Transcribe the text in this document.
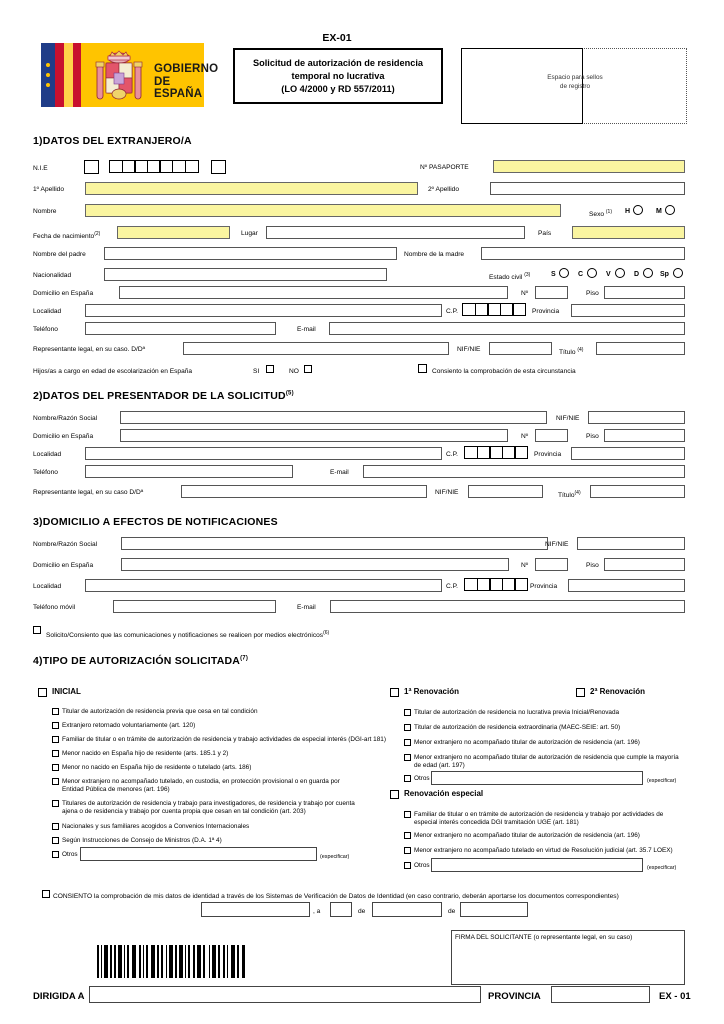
EX-01
GOBIERNO
DE ESPAÑA
Solicitud de autorización de residencia
temporal no lucrativa
(LO 4/2000 y RD 557/2011)
Espacio para sellos
de registro
1)DATOS DEL EXTRANJERO/A
N.I.E	Nº PASAPORTE
1º Apellido	2º Apellido
Nombre	Sexo $^{(1)}$ H	M
Fecha de nacimiento$^{(2)}$	Lugar	País
Nombre del padre	Nombre de la madre
Nacionalidad	Estado civil $^{(3)}$	S	C	V	D	Sp
Domicilio en España	Nº	Piso
Localidad	C.P.	Provincia
Teléfono	E-mail
Representante legal, en su caso. D/Dª	NIF/NIE	Título $^{(4)}$
Hijos/as a cargo en edad de escolarización en España	SI	NO	Consiento la comprobación de esta circunstancia
2)DATOS DEL PRESENTADOR DE LA SOLICITUD$^{(5)}$
Nombre/Razón Social	NIF/NIE
Domicilio en España	Nº	Piso
Localidad	C.P.	Provincia
Teléfono	E-mail
Representante legal, en su caso D/Dª	NIF/NIE	Título$^{(4)}$
3)DOMICILIO A EFECTOS DE NOTIFICACIONES
Nombre/Razón Social	NIF/NIE
Domicilio en España	Nº	Piso
Localidad	C.P.	Provincia
Teléfono móvil	E-mail
Solicito/Consiento que las comunicaciones y notificaciones se realicen por medios electrónicos$^{(6)}$
4)TIPO DE AUTORIZACIÓN SOLICITADA$^{(7)}$
INICIAL
Titular de autorización de residencia previa que cesa en tal condición
Extranjero retornado voluntariamente (art. 120)
Familiar de titular o en trámite de autorización de residencia y trabajo actividades de especial interés (DGI-art 181)
Menor nacido en España hijo de residente (arts. 185.1 y 2)
Menor no nacido en España hijo de residente o tutelado (arts. 186)
Menor extranjero no acompañado tutelado, en custodia, en protección provisional o en guarda por Entidad Pública de menores (art. 196)
Titulares de autorización de residencia y trabajo para investigadores, de residencia y trabajo por cuenta ajena o de residencia y trabajo por cuenta propia que cesan en tal condición (art. 203)
Nacionales y sus familiares acogidos a Convenios Internacionales
Según Instrucciones de Consejo de Ministros (D.A. 1ª 4)
Otros	(especificar)
1ª Renovación	2ª Renovación
Titular de autorización de residencia no lucrativa previa Inicial/Renovada
Titular de autorización de residencia extraordinaria (MAEC-SEIE: art. 50)
Menor extranjero no acompañado titular de autorización de residencia (art. 196)
Menor extranjero no acompañado titular de autorización de residencia que cumple la mayoría de edad (art. 197)
Otros	(especificar)
Renovación especial
Familiar de titular o en trámite de autorización de residencia y trabajo por actividades de especial interés concedida DGI tramitación UGE (art. 181)
Menor extranjero no acompañado titular de autorización de residencia (art. 196)
Menor extranjero no acompañado tutelado en virtud de Resolución judicial (art. 35.7 LOEX)
Otros	(especificar)
CONSIENTO la comprobación de mis datos de identidad a través de los Sistemas de Verificación de Datos de Identidad (en caso contrario, deberán aportarse los documentos correspondientes)
, a	de	de
FIRMA DEL SOLICITANTE (o representante legal, en su caso)
DIRIGIDA A	PROVINCIA	EX - 01
